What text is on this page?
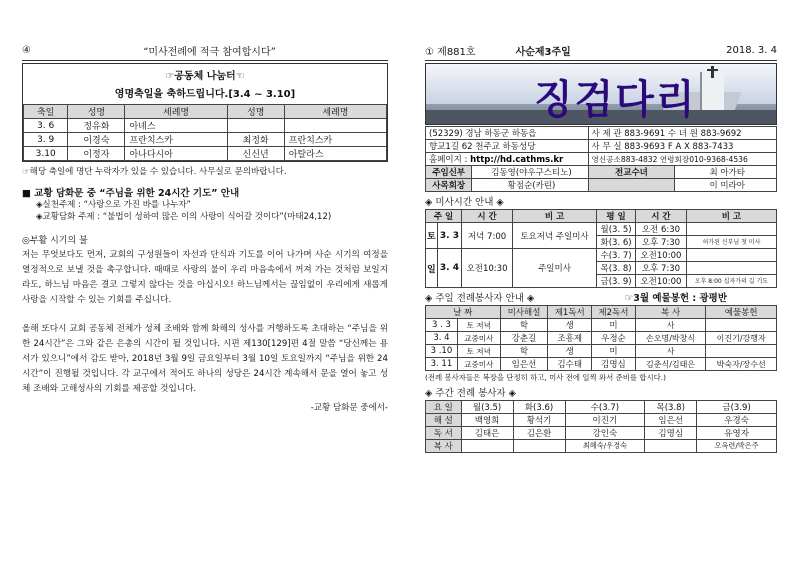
④	“미사전례에 적극 참여합시다”
☞공동체 나눔터☜
영명축일을 축하드립니다.[3.4 ~ 3.10]
축일	성명	세례명	성명	세례명
3. 6	정유화	아녜스		
3. 9	이경숙	프란치스카	최정화	프란치스카
3.10	이정자	아나다시아	신신년	아탈라스
☞해당 축일에 명단 누락자가 있을 수 있습니다. 사무실로 문의바랍니다.
■ 교황 담화문 중 “주님을 위한 24시간 기도” 안내
◈실천주제 : “사랑으로 가진 바를 나누자”
◈교황담화 주제 : “불법이 성하여 많은 이의 사랑이 식어갈 것이다”(마태24,12)
◎부활 시기의 불
저는 무엇보다도 먼저, 교회의 구성원들이 자선과 단식과 기도를 이어 나가며 사순 시기의 여정을 열정적으로 보낼 것을 촉구합니다. 때때로 사랑의 불이 우리 마음속에서 꺼져 가는 것처럼 보일지라도, 하느님 마음은 결코 그렇지 않다는 것을 아십시오! 하느님께서는 끊임없이 우리에게 새롭게 사랑을 시작할 수 있는 기회를 주십니다.
올해 또다시 교회 공동체 전체가 성체 조배와 함께 화해의 성사를 거행하도록 초대하는 “주님을 위한 24시간”은 그와 같은 은총의 시간이 될 것입니다. 시편 제130[129]편 4절 말씀 “당신께는 용서가 있으니”에서 감도 받아, 2018년 3월 9일 금요일부터 3월 10일 토요일까지 “주님을 위한 24시간”이 진행될 것입니다. 각 교구에서 적어도 하나의 성당은 24시간 계속해서 문을 열어 놓고 성체 조배와 고해성사의 기회를 제공할 것입니다.
-교황 담화문 중에서-
① 제881호	사순제3주일	2018. 3. 4
징검다리
(52329) 경남 하동군 하동읍		사 제 관 883-9691 수 녀 원 883-9692	
향교1길 62 천주교 하동성당		사 무 실 883-9693 F A X 883-7433	
홈페이지 : http://hd.cathms.kr		영신공소883-4832 연령회장010-9368-4536	
주임신부	김동영(야우구스티노)	전교수녀	최 아가타
사목회장	황점순(카린)		이 미라아
◈ 미사시간 안내 ◈
주 일		시 간	비 고	평 일	시 간	비 고
토	3. 3	저녁 7:00	토요저녁 주일미사	월(3. 5)	오전 6:30	
				화(3. 6)	오후 7:30	허가된 신부님 첫 미사
일	3. 4	오전10:30	주일미사	수(3. 7)	오전10:00	
				목(3. 8)	오후 7:30	
				금(3. 9)	오전10:00	오후 8:00 십자가의 길 기도
◈ 주일 전례봉사자 안내 ◈	☞3월 예물봉헌 : 광평반
날 짜		미사해설	제1독서	제2독서	복 사	예물봉헌
3 . 3	토 저녁	학	생	미	사	
3. 4	교중미사	강춘길	조흥제	우정순	손오명/박창식	이진기/강행자
3 .10	토 저녁	학	생	미	사	
3. 11	교중미사	임은선	김수태	김명심	김춘식/김태은	박숙자/장수선
(전례 봉사자들은 복장을 단정히 하고, 미사 전에 일찍 와서 준비를 합시다.)
◈ 주간 전례 봉사자 ◈
요 일	월(3.5)	화(3.6)	수(3.7)	목(3.8)	금(3.9)
해 설	백영희	황석기	이진기	임은선	우경숙
독 서	김태은	김은환	강인숙	김명심	유영자
복 사			최혜숙/우경숙		오옥련/박은주
